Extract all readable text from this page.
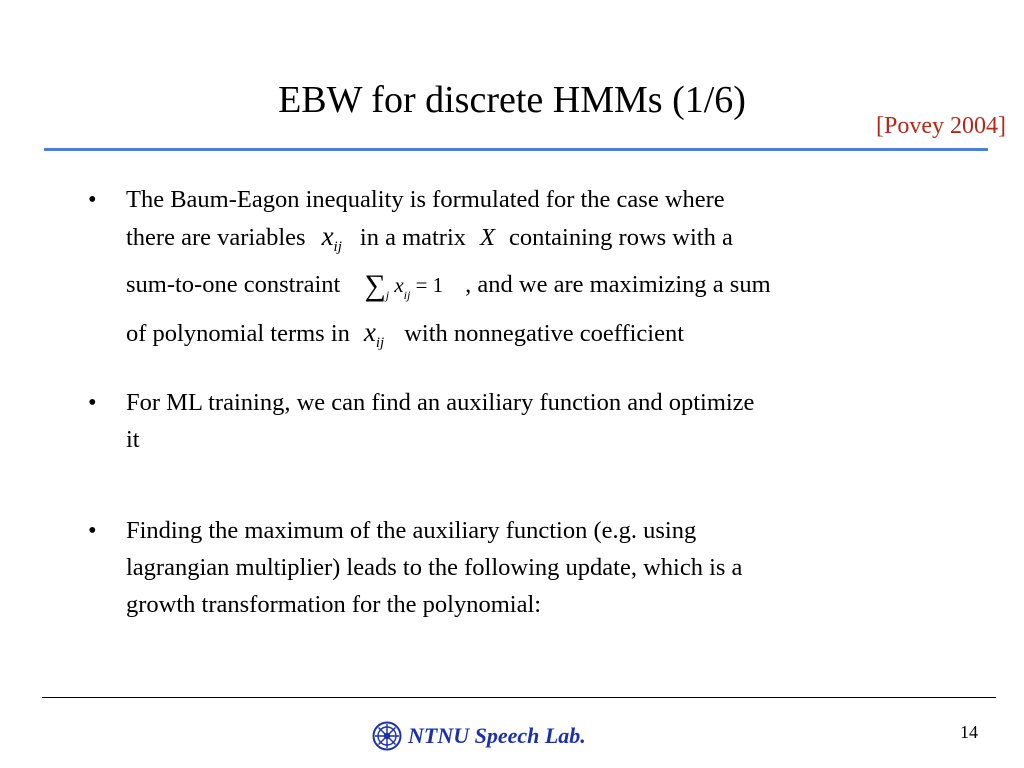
EBW for discrete HMMs (1/6)
[Povey 2004]
• The Baum-Eagon inequality is formulated for the case where
there are variables $x_{ij}$ in a matrix X containing rows with a
sum-to-one constraint $\sum_j$ $x_{ij} = 1$ , and we are maximizing a sum
of polynomial terms in $x_{ij}$ with nonnegative coefficient
• For ML training, we can find an auxiliary function and optimize
it
• Finding the maximum of the auxiliary function (e.g. using
lagrangian multiplier) leads to the following update, which is a
growth transformation for the polynomial:
NTNU Speech Lab.	14
